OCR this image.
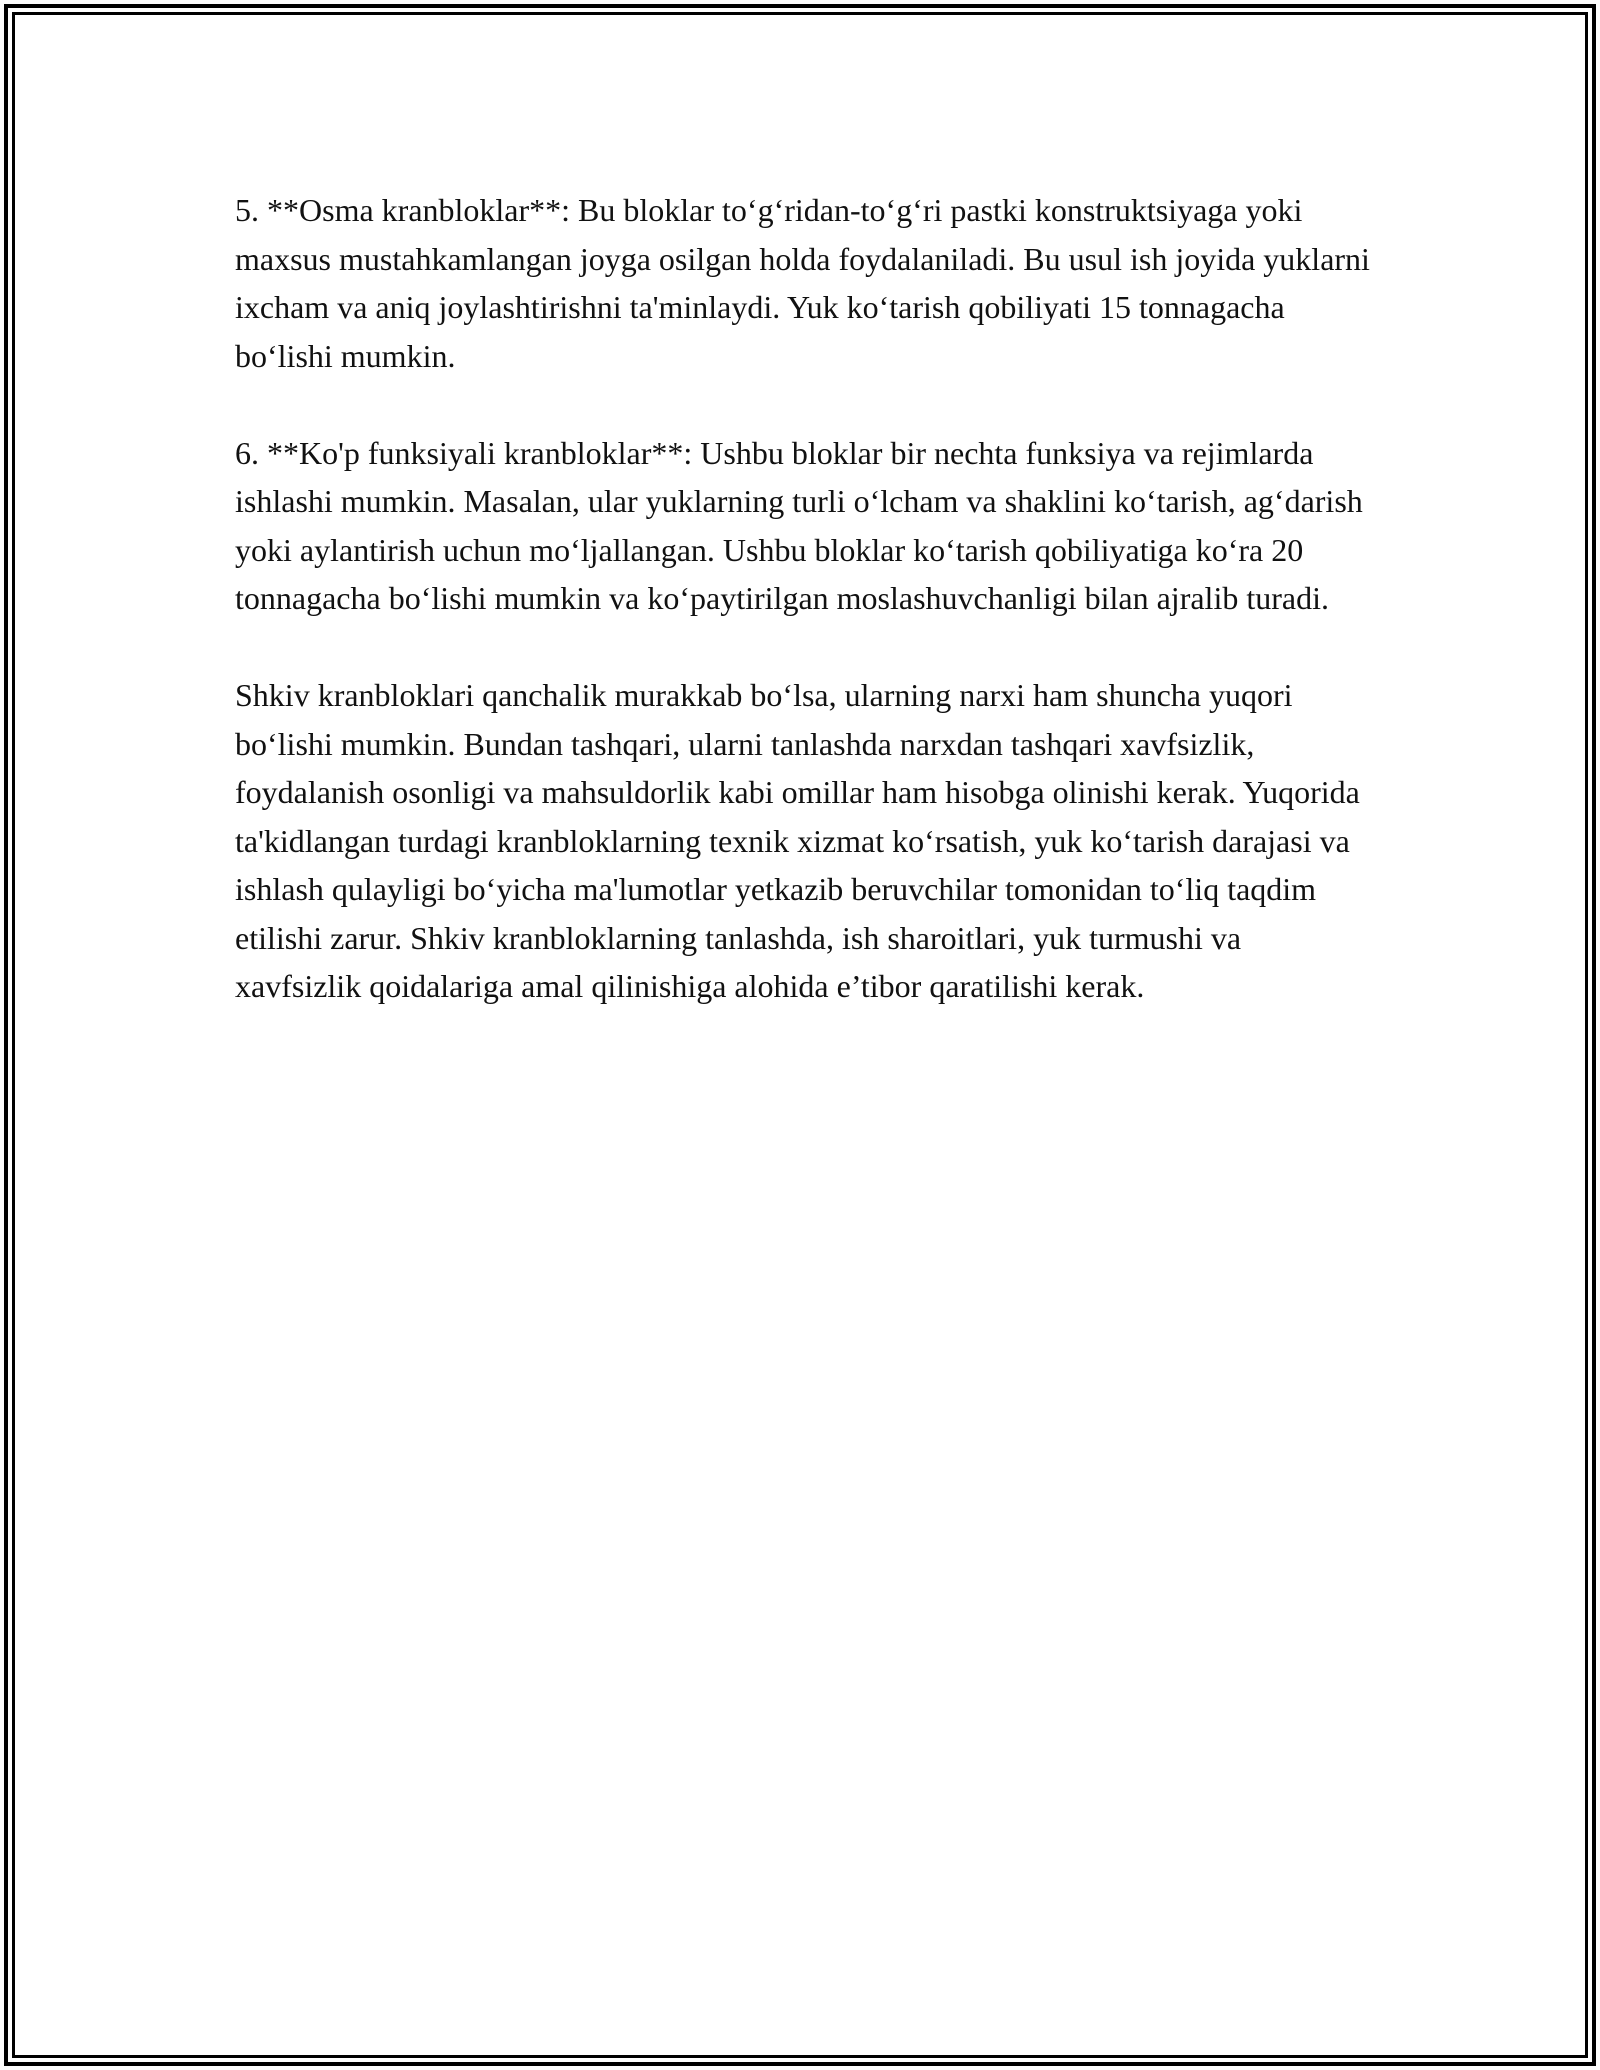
5. **Osma kranbloklar**: Bu bloklar to‘g‘ridan-to‘g‘ri pastki konstruktsiyaga yoki maxsus mustahkamlangan joyga osilgan holda foydalaniladi. Bu usul ish joyida yuklarni ixcham va aniq joylashtirishni ta'minlaydi. Yuk ko‘tarish qobiliyati 15 tonnagacha bo‘lishi mumkin.

6. **Ko'p funksiyali kranbloklar**: Ushbu bloklar bir nechta funksiya va rejimlarda ishlashi mumkin. Masalan, ular yuklarning turli o‘lcham va shaklini ko‘tarish, ag‘darish yoki aylantirish uchun mo‘ljallangan. Ushbu bloklar ko‘tarish qobiliyatiga ko‘ra 20 tonnagacha bo‘lishi mumkin va ko‘paytirilgan moslashuvchanligi bilan ajralib turadi.

Shkiv kranbloklari qanchalik murakkab bo‘lsa, ularning narxi ham shuncha yuqori bo‘lishi mumkin. Bundan tashqari, ularni tanlashda narxdan tashqari xavfsizlik, foydalanish osonligi va mahsuldorlik kabi omillar ham hisobga olinishi kerak. Yuqorida ta'kidlangan turdagi kranbloklarning texnik xizmat ko‘rsatish, yuk ko‘tarish darajasi va ishlash qulayligi bo‘yicha ma'lumotlar yetkazib beruvchilar tomonidan to‘liq taqdim etilishi zarur. Shkiv kranbloklarning tanlashda, ish sharoitlari, yuk turmushi va xavfsizlik qoidalariga amal qilinishiga alohida e’tibor qaratilishi kerak.
